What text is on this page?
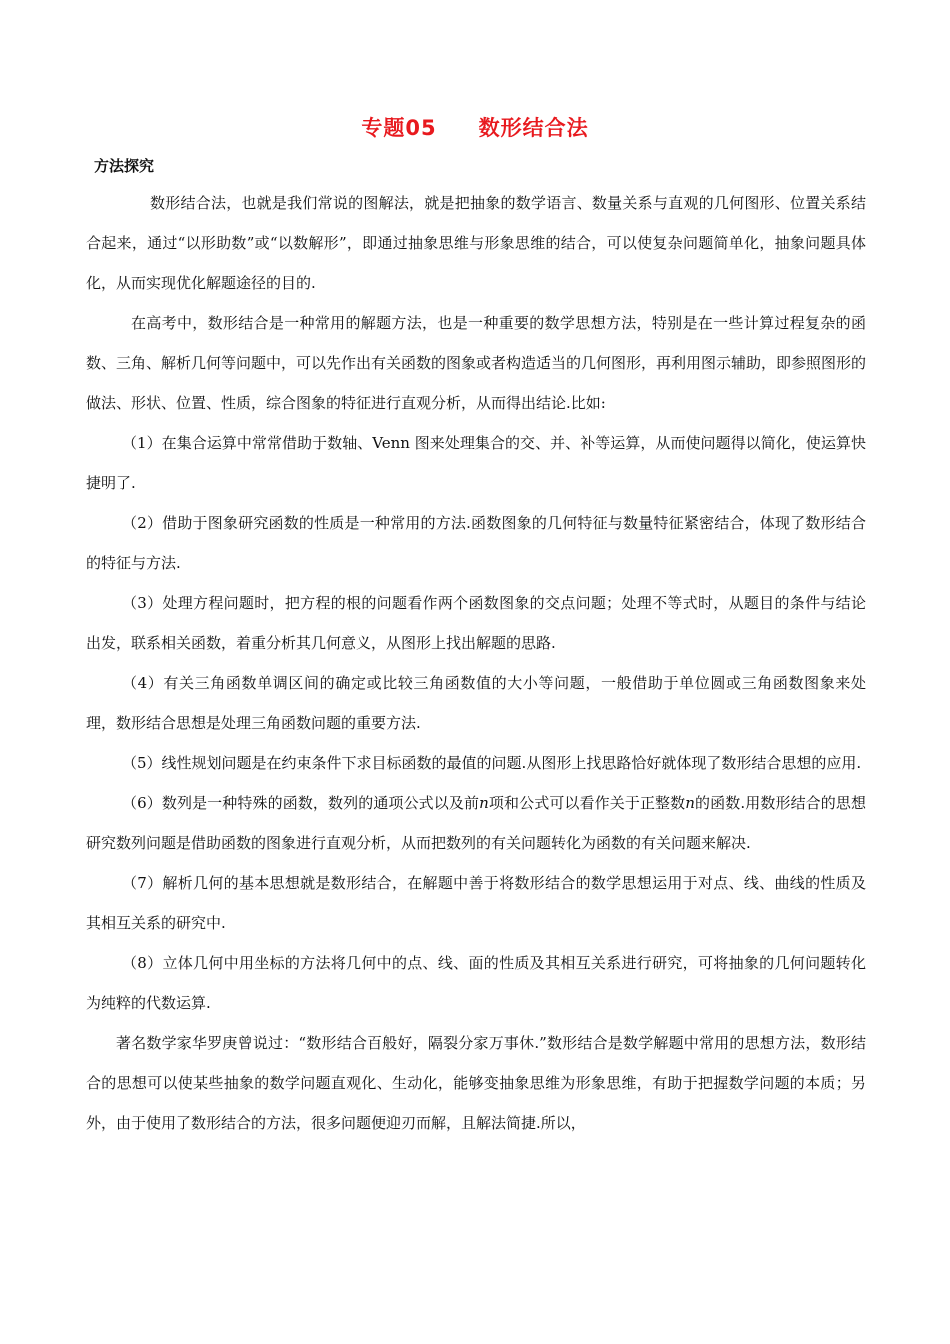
专题05 数形结合法
方法探究

数形结合法，也就是我们常说的图解法，就是把抽象的数学语言、数量关系与直观的几何图形、位置关系结合起来，通过“以形助数”或“以数解形”，即通过抽象思维与形象思维的结合，可以使复杂问题简单化，抽象问题具体化，从而实现优化解题途径的目的.

在高考中，数形结合是一种常用的解题方法，也是一种重要的数学思想方法，特别是在一些计算过程复杂的函数、三角、解析几何等问题中，可以先作出有关函数的图象或者构造适当的几何图形，再利用图示辅助，即参照图形的做法、形状、位置、性质，综合图象的特征进行直观分析，从而得出结论.比如:

（1）在集合运算中常常借助于数轴、Venn 图来处理集合的交、并、补等运算，从而使问题得以简化，使运算快捷明了.

（2）借助于图象研究函数的性质是一种常用的方法.函数图象的几何特征与数量特征紧密结合，体现了数形结合的特征与方法.

（3）处理方程问题时，把方程的根的问题看作两个函数图象的交点问题；处理不等式时，从题目的条件与结论出发，联系相关函数，着重分析其几何意义，从图形上找出解题的思路.

（4）有关三角函数单调区间的确定或比较三角函数值的大小等问题，一般借助于单位圆或三角函数图象来处理，数形结合思想是处理三角函数问题的重要方法.

（5）线性规划问题是在约束条件下求目标函数的最值的问题.从图形上找思路恰好就体现了数形结合思想的应用.

（6）数列是一种特殊的函数，数列的通项公式以及前n项和公式可以看作关于正整数n的函数.用数形结合的思想研究数列问题是借助函数的图象进行直观分析，从而把数列的有关问题转化为函数的有关问题来解决.

（7）解析几何的基本思想就是数形结合，在解题中善于将数形结合的数学思想运用于对点、线、曲线的性质及其相互关系的研究中.

（8）立体几何中用坐标的方法将几何中的点、线、面的性质及其相互关系进行研究，可将抽象的几何问题转化为纯粹的代数运算.

著名数学家华罗庚曾说过：“数形结合百般好，隔裂分家万事休.”数形结合是数学解题中常用的思想方法，数形结合的思想可以使某些抽象的数学问题直观化、生动化，能够变抽象思维为形象思维，有助于把握数学问题的本质；另外，由于使用了数形结合的方法，很多问题便迎刃而解，且解法简捷.所以，
